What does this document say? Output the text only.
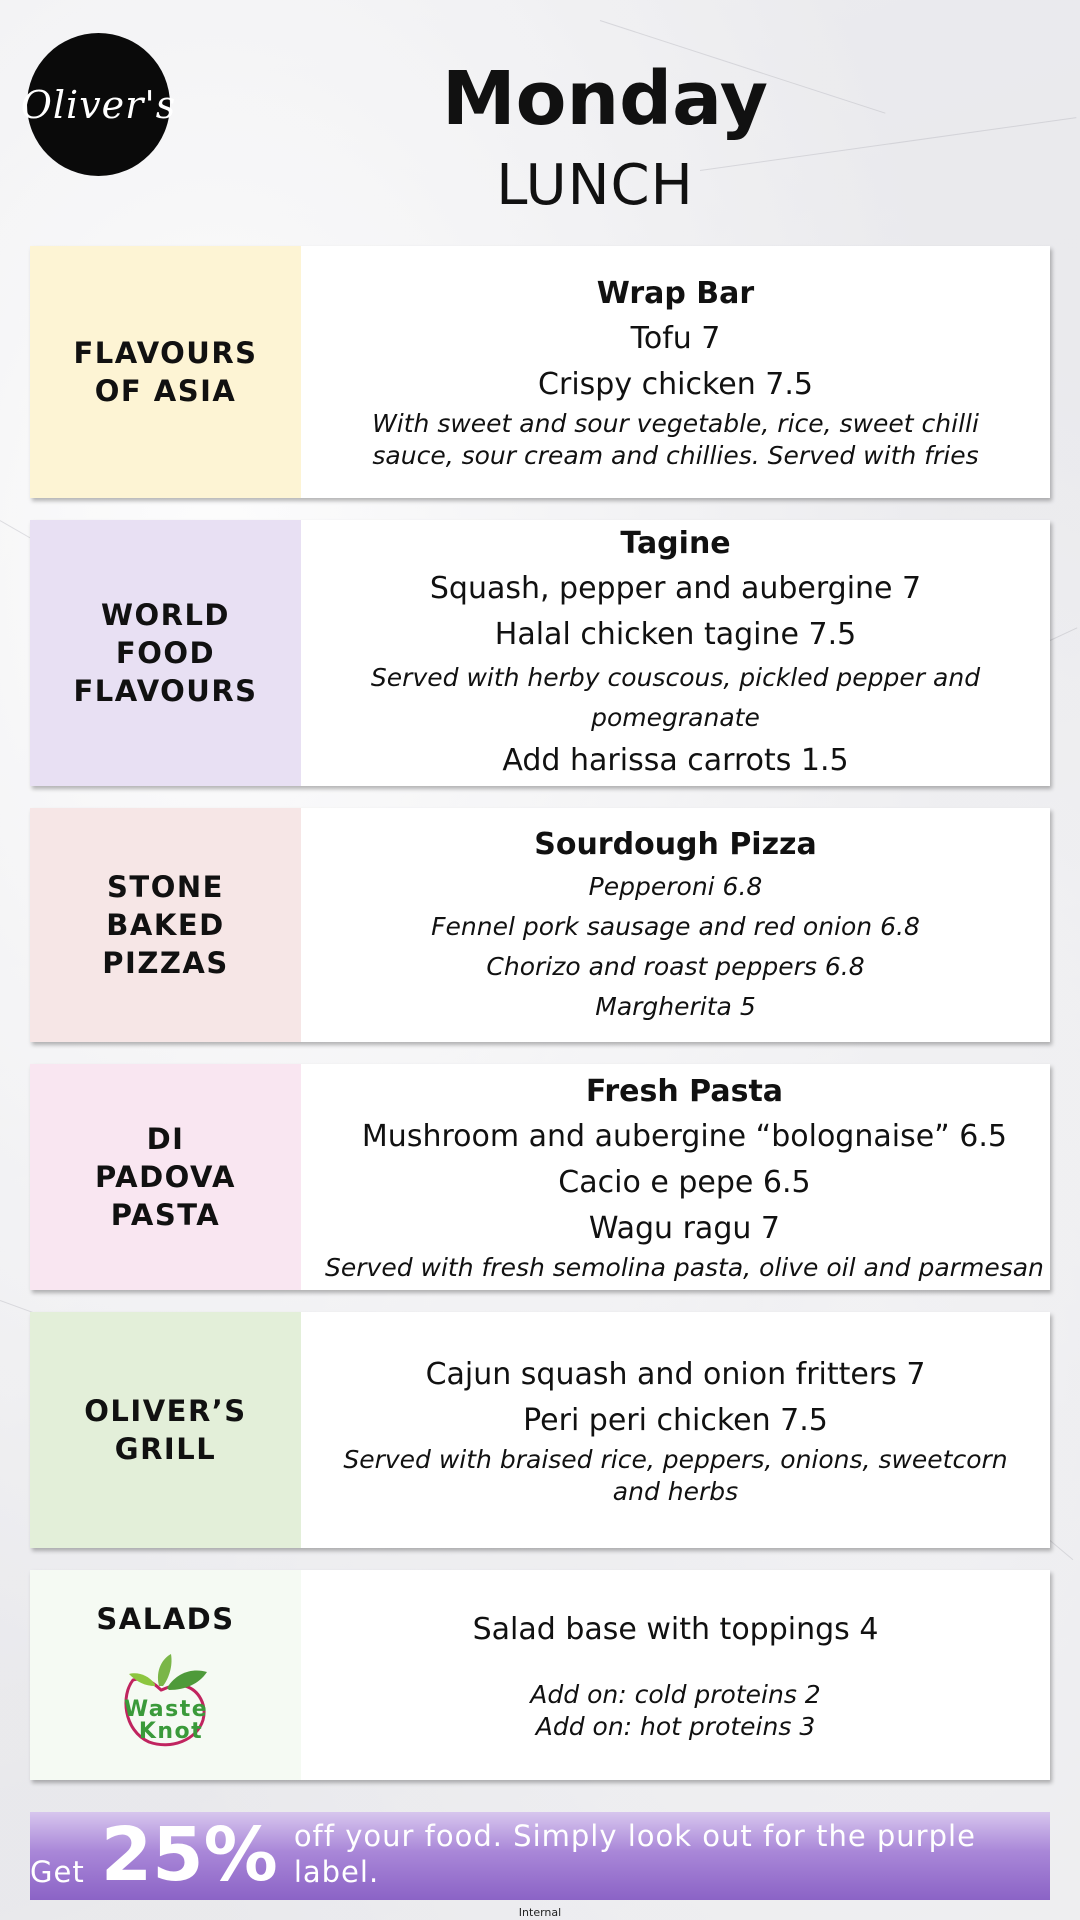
Oliver's	Monday
LUNCH
FLAVOURS OF ASIA
Wrap Bar
Tofu 7
Crispy chicken 7.5
With sweet and sour vegetable, rice, sweet chilli sauce, sour cream and chillies. Served with fries
WORLD FOOD FLAVOURS
Tagine
Squash, pepper and aubergine 7
Halal chicken tagine 7.5
Served with herby couscous, pickled pepper and pomegranate
Add harissa carrots 1.5
STONE BAKED PIZZAS
Sourdough Pizza
Pepperoni 6.8
Fennel pork sausage and red onion 6.8
Chorizo and roast peppers 6.8
Margherita 5
DI PADOVA PASTA
Fresh Pasta
Mushroom and aubergine “bolognaise” 6.5
Cacio e pepe 6.5
Wagu ragu 7
Served with fresh semolina pasta, olive oil and parmesan
OLIVER’S GRILL
Cajun squash and onion fritters 7
Peri peri chicken 7.5
Served with braised rice, peppers, onions, sweetcorn and herbs
SALADS
Waste
Knot
Salad base with toppings 4
Add on: cold proteins 2
Add on: hot proteins 3
Get 25% off your food. Simply look out for the purple label.
Internal
